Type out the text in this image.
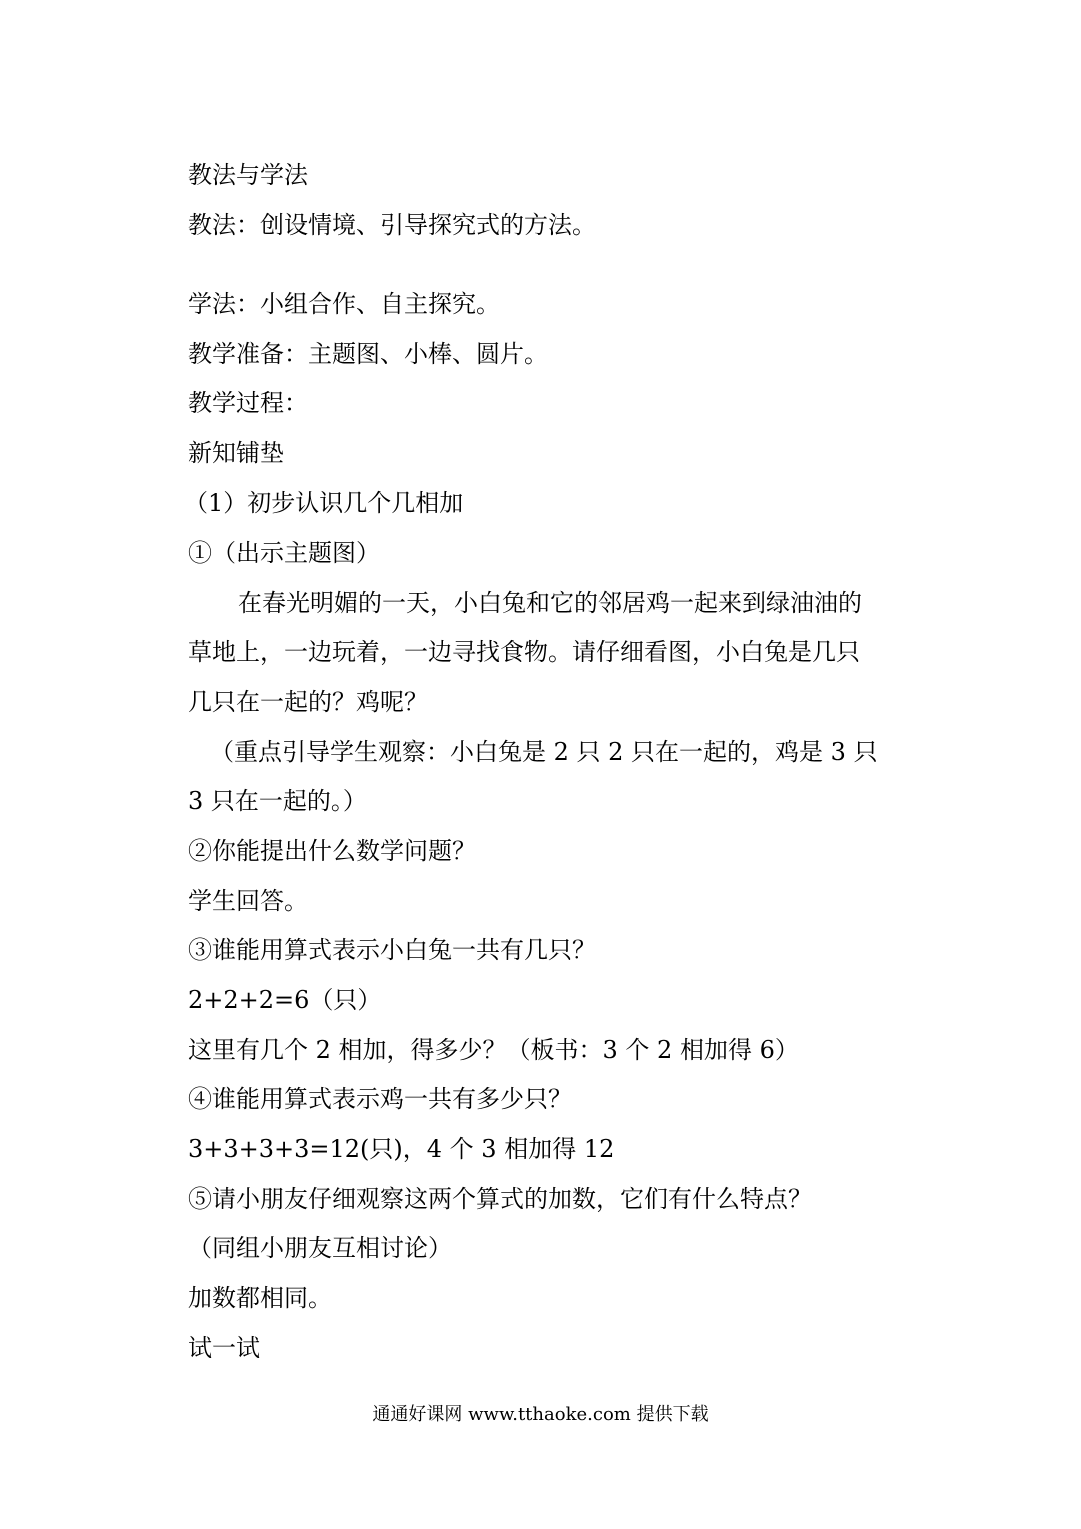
教法与学法
教法：创设情境、引导探究式的方法。
学法：小组合作、自主探究。
教学准备：主题图、小棒、圆片。
教学过程：
新知铺垫
（1）初步认识几个几相加
①（出示主题图）
在春光明媚的一天，小白兔和它的邻居鸡一起来到绿油油的
草地上，一边玩着，一边寻找食物。请仔细看图，小白兔是几只
几只在一起的？鸡呢？
（重点引导学生观察：小白兔是 2 只 2 只在一起的，鸡是 3 只
3 只在一起的。）
②你能提出什么数学问题？
学生回答。
③谁能用算式表示小白兔一共有几只？
2+2+2=6（只）
这里有几个 2 相加，得多少？（板书：3 个 2 相加得 6）
④谁能用算式表示鸡一共有多少只？
3+3+3+3=12(只)，4 个 3 相加得 12
⑤请小朋友仔细观察这两个算式的加数，它们有什么特点？
（同组小朋友互相讨论）
加数都相同。
试一试
通通好课网 www.tthaoke.com 提供下载
